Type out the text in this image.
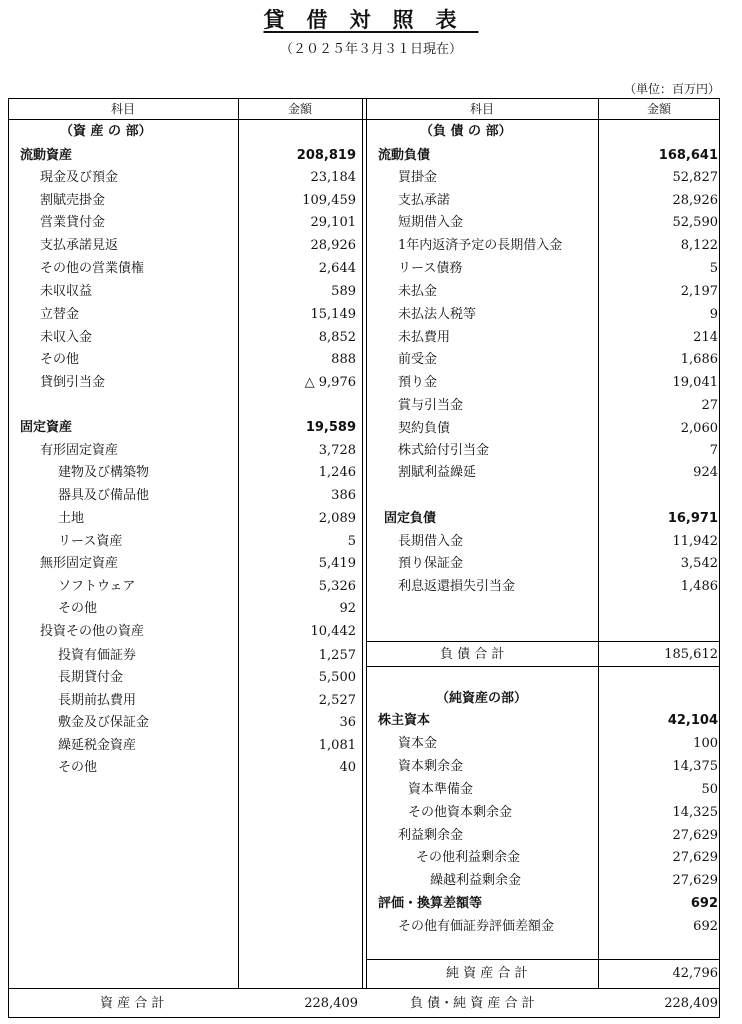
貸借対照表
（２０２５年３月３１日現在）
（単位：百万円）
科目	金額	科目	金額
（資 産 の 部）	（負 債 の 部）
流動資産	208,819
現金及び預金	23,184
割賦売掛金	109,459
営業貸付金	29,101
支払承諾見返	28,926
その他の営業債権	2,644
未収収益	589
立替金	15,149
未収入金	8,852
その他	888
貸倒引当金	△ 9,976
固定資産	19,589
有形固定資産	3,728
建物及び構築物	1,246
器具及び備品他	386
土地	2,089
リース資産	5
無形固定資産	5,419
ソフトウェア	5,326
その他	92
投資その他の資産	10,442
投資有価証券	1,257
長期貸付金	5,500
長期前払費用	2,527
敷金及び保証金	36
繰延税金資産	1,081
その他	40
流動負債	168,641
買掛金	52,827
支払承諾	28,926
短期借入金	52,590
1年内返済予定の長期借入金	8,122
リース債務	5
未払金	2,197
未払法人税等	9
未払費用	214
前受金	1,686
預り金	19,041
賞与引当金	27
契約負債	2,060
株式給付引当金	7
割賦利益繰延	924
固定負債	16,971
長期借入金	11,942
預り保証金	3,542
利息返還損失引当金	1,486
負 債 合 計	185,612
（純資産の部）
株主資本	42,104
資本金	100
資本剰余金	14,375
資本準備金	50
その他資本剰余金	14,325
利益剰余金	27,629
その他利益剰余金	27,629
繰越利益剰余金	27,629
評価・換算差額等	692
その他有価証券評価差額金	692
純 資 産 合 計	42,796
資 産 合 計	228,409	負 債・純 資 産 合 計	228,409
